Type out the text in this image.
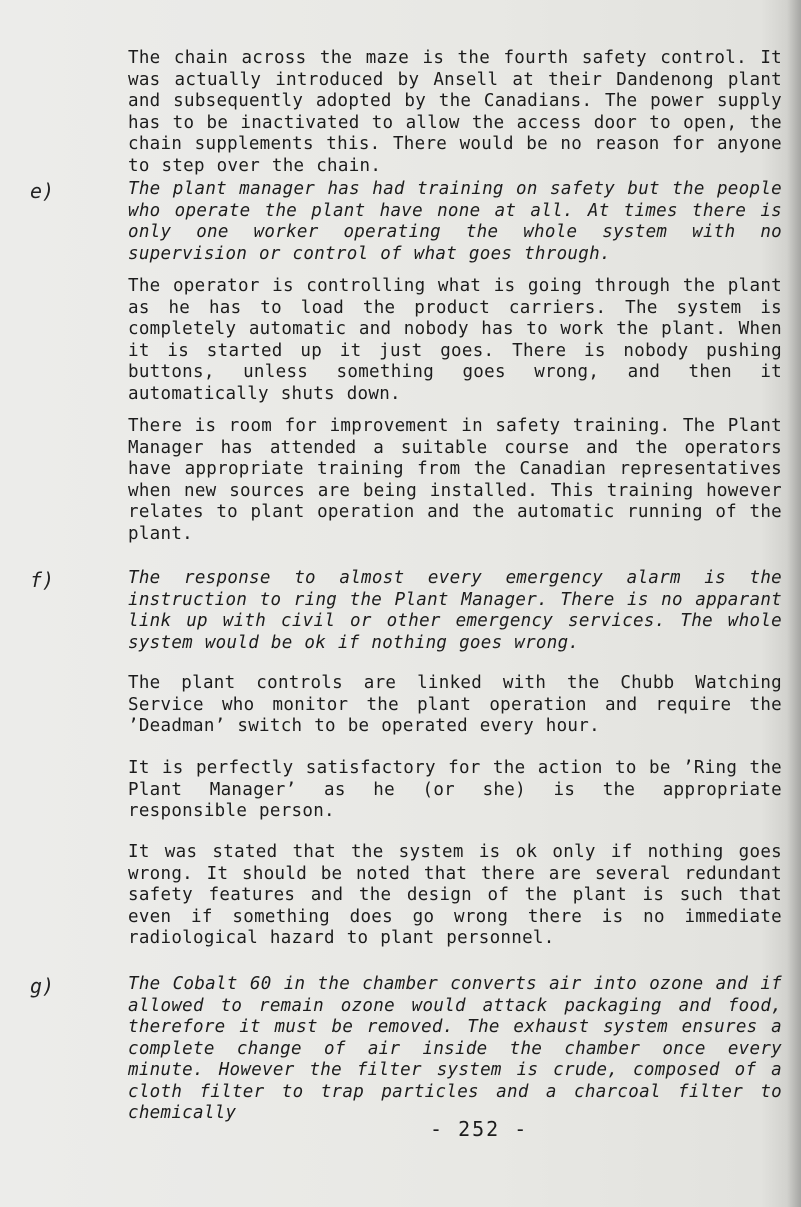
The chain across the maze is the fourth safety control. It was actually introduced by Ansell at their Dandenong plant and subsequently adopted by the Canadians. The power supply has to be inactivated to allow the access door to open, the chain supplements this. There would be no reason for anyone to step over the chain.

e)	The plant manager has had training on safety but the people who operate the plant have none at all. At times there is only one worker operating the whole system with no supervision or control of what goes through.

The operator is controlling what is going through the plant as he has to load the product carriers. The system is completely automatic and nobody has to work the plant. When it is started up it just goes. There is nobody pushing buttons, unless something goes wrong, and then it automatically shuts down.

There is room for improvement in safety training. The Plant Manager has attended a suitable course and the operators have appropriate training from the Canadian representatives when new sources are being installed. This training however relates to plant operation and the automatic running of the plant.

f)	The response to almost every emergency alarm is the instruction to ring the Plant Manager. There is no apparant link up with civil or other emergency services. The whole system would be ok if nothing goes wrong.

The plant controls are linked with the Chubb Watching Service who monitor the plant operation and require the ’Deadman’ switch to be operated every hour.

It is perfectly satisfactory for the action to be ’Ring the Plant Manager’ as he (or she) is the appropriate responsible person.

It was stated that the system is ok only if nothing goes wrong. It should be noted that there are several redundant safety features and the design of the plant is such that even if something does go wrong there is no immediate radiological hazard to plant personnel.

g)	The Cobalt 60 in the chamber converts air into ozone and if allowed to remain ozone would attack packaging and food, therefore it must be removed. The exhaust system ensures a complete change of air inside the chamber once every minute. However the filter system is crude, composed of a cloth filter to trap particles and a charcoal filter to chemically

- 252 -
